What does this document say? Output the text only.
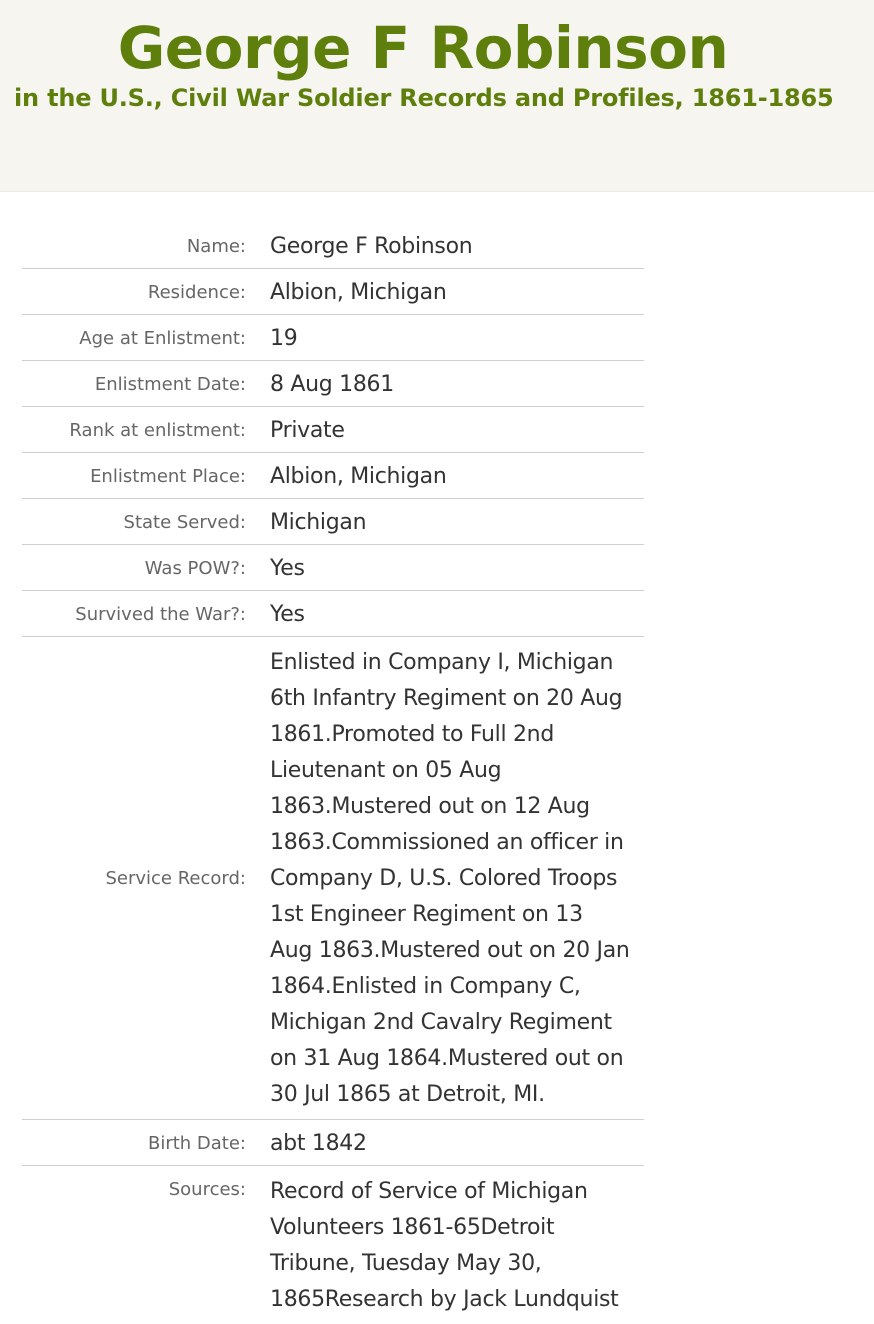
George F Robinson
in the U.S., Civil War Soldier Records and Profiles, 1861-1865
Name: George F Robinson
Residence: Albion, Michigan
Age at Enlistment: 19
Enlistment Date: 8 Aug 1861
Rank at enlistment: Private
Enlistment Place: Albion, Michigan
State Served: Michigan
Was POW?: Yes
Survived the War?: Yes
Service Record:
Enlisted in Company I, Michigan 6th Infantry Regiment on 20 Aug 1861.Promoted to Full 2nd Lieutenant on 05 Aug 1863.Mustered out on 12 Aug 1863.Commissioned an officer in Company D, U.S. Colored Troops 1st Engineer Regiment on 13 Aug 1863.Mustered out on 20 Jan 1864.Enlisted in Company C, Michigan 2nd Cavalry Regiment on 31 Aug 1864.Mustered out on 30 Jul 1865 at Detroit, MI.
Birth Date: abt 1842
Sources: Record of Service of Michigan Volunteers 1861-65Detroit Tribune, Tuesday May 30, 1865Research by Jack Lundquist
